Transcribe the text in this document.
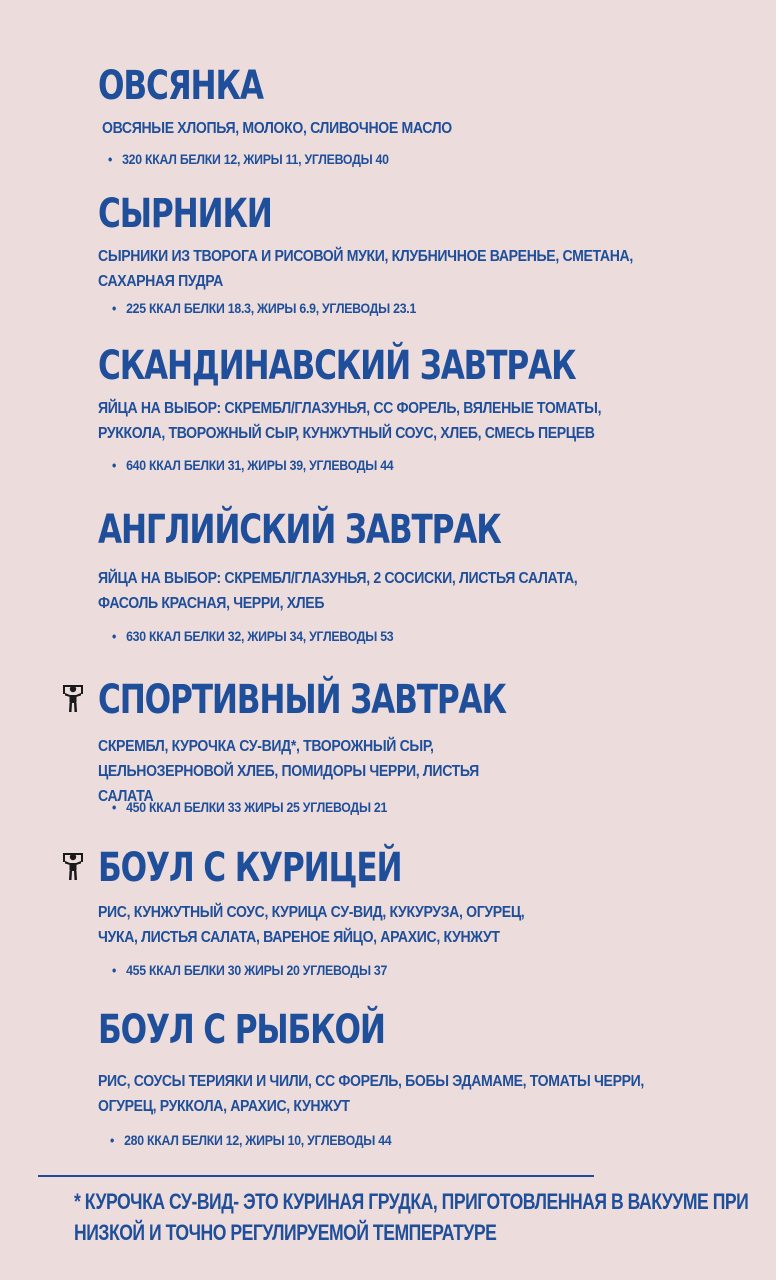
ОВСЯНКА
ОВСЯНЫЕ ХЛОПЬЯ, МОЛОКО, СЛИВОЧНОЕ МАСЛО
• 320 ККАЛ БЕЛКИ 12, ЖИРЫ 11, УГЛЕВОДЫ 40
СЫРНИКИ
СЫРНИКИ ИЗ ТВОРОГА И РИСОВОЙ МУКИ, КЛУБНИЧНОЕ ВАРЕНЬЕ, СМЕТАНА, САХАРНАЯ ПУДРА
• 225 ККАЛ БЕЛКИ 18.3, ЖИРЫ 6.9, УГЛЕВОДЫ 23.1
СКАНДИНАВСКИЙ ЗАВТРАК
ЯЙЦА НА ВЫБОР: СКРЕМБЛ/ГЛАЗУНЬЯ, СС ФОРЕЛЬ, ВЯЛЕНЫЕ ТОМАТЫ, РУККОЛА, ТВОРОЖНЫЙ СЫР, КУНЖУТНЫЙ СОУС, ХЛЕБ, СМЕСЬ ПЕРЦЕВ
• 640 ККАЛ БЕЛКИ 31, ЖИРЫ 39, УГЛЕВОДЫ 44
АНГЛИЙСКИЙ ЗАВТРАК
ЯЙЦА НА ВЫБОР: СКРЕМБЛ/ГЛАЗУНЬЯ, 2 СОСИСКИ, ЛИСТЬЯ САЛАТА, ФАСОЛЬ КРАСНАЯ, ЧЕРРИ, ХЛЕБ
• 630 ККАЛ БЕЛКИ 32, ЖИРЫ 34, УГЛЕВОДЫ 53
СПОРТИВНЫЙ ЗАВТРАК
СКРЕМБЛ, КУРОЧКА СУ-ВИД*, ТВОРОЖНЫЙ СЫР, ЦЕЛЬНОЗЕРНОВОЙ ХЛЕБ, ПОМИДОРЫ ЧЕРРИ, ЛИСТЬЯ САЛАТА
• 450 ККАЛ БЕЛКИ 33 ЖИРЫ 25 УГЛЕВОДЫ 21
БОУЛ С КУРИЦЕЙ
РИС, КУНЖУТНЫЙ СОУС, КУРИЦА СУ-ВИД, КУКУРУЗА, ОГУРЕЦ, ЧУКА, ЛИСТЬЯ САЛАТА, ВАРЕНОЕ ЯЙЦО, АРАХИС, КУНЖУТ
• 455 ККАЛ БЕЛКИ 30 ЖИРЫ 20 УГЛЕВОДЫ 37
БОУЛ С РЫБКОЙ
РИС, СОУСЫ ТЕРИЯКИ И ЧИЛИ, СС ФОРЕЛЬ, БОБЫ ЭДАМАМЕ, ТОМАТЫ ЧЕРРИ, ОГУРЕЦ, РУККОЛА, АРАХИС, КУНЖУТ
• 280 ККАЛ БЕЛКИ 12, ЖИРЫ 10, УГЛЕВОДЫ 44
* КУРОЧКА СУ-ВИД- ЭТО КУРИНАЯ ГРУДКА, ПРИГОТОВЛЕННАЯ В ВАКУУМЕ ПРИ НИЗКОЙ И ТОЧНО РЕГУЛИРУЕМОЙ ТЕМПЕРАТУРЕ
